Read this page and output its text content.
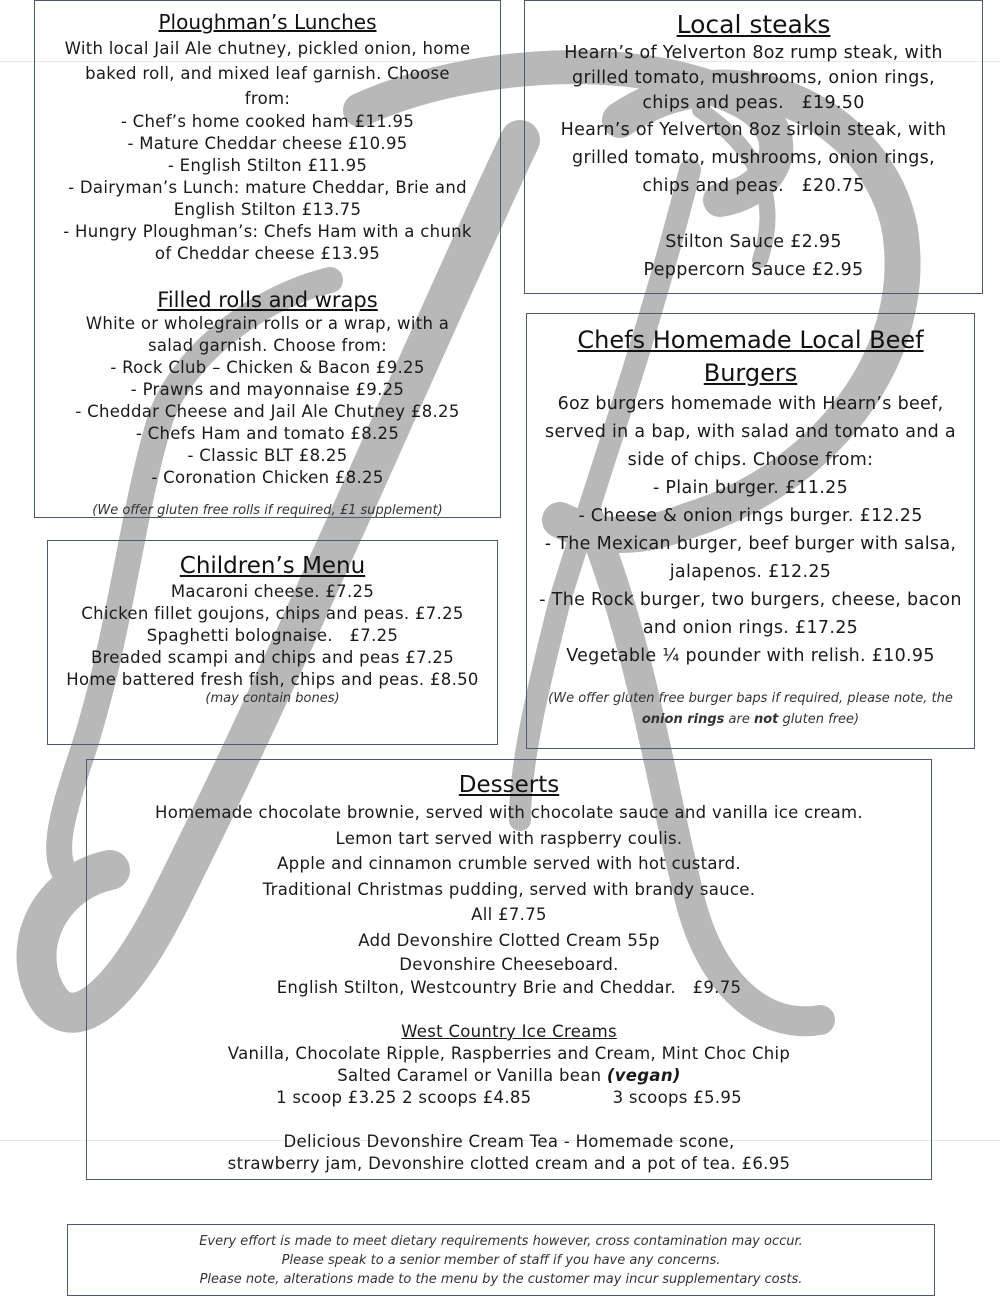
Ploughman’s Lunches
With local Jail Ale chutney, pickled onion, home baked roll, and mixed leaf garnish. Choose from:
- Chef’s home cooked ham £11.95
- Mature Cheddar cheese £10.95
- English Stilton £11.95
- Dairyman’s Lunch: mature Cheddar, Brie and English Stilton £13.75
- Hungry Ploughman’s: Chefs Ham with a chunk of Cheddar cheese £13.95
Filled rolls and wraps
White or wholegrain rolls or a wrap, with a salad garnish. Choose from:
- Rock Club – Chicken & Bacon £9.25
- Prawns and mayonnaise £9.25
- Cheddar Cheese and Jail Ale Chutney £8.25
- Chefs Ham and tomato £8.25
- Classic BLT £8.25
- Coronation Chicken £8.25
(We offer gluten free rolls if required, £1 supplement)
Local steaks
Hearn’s of Yelverton 8oz rump steak, with grilled tomato, mushrooms, onion rings, chips and peas. £19.50
Hearn’s of Yelverton 8oz sirloin steak, with grilled tomato, mushrooms, onion rings, chips and peas. £20.75
Stilton Sauce £2.95
Peppercorn Sauce £2.95
Chefs Homemade Local Beef Burgers
6oz burgers homemade with Hearn’s beef, served in a bap, with salad and tomato and a side of chips. Choose from:
- Plain burger. £11.25
- Cheese & onion rings burger. £12.25
- The Mexican burger, beef burger with salsa, jalapenos. £12.25
- The Rock burger, two burgers, cheese, bacon and onion rings. £17.25
Vegetable ¼ pounder with relish. £10.95
(We offer gluten free burger baps if required, please note, the onion rings are not gluten free)
Children’s Menu
Macaroni cheese. £7.25
Chicken fillet goujons, chips and peas. £7.25
Spaghetti bolognaise. £7.25
Breaded scampi and chips and peas £7.25
Home battered fresh fish, chips and peas. £8.50
(may contain bones)
Desserts
Homemade chocolate brownie, served with chocolate sauce and vanilla ice cream.
Lemon tart served with raspberry coulis.
Apple and cinnamon crumble served with hot custard.
Traditional Christmas pudding, served with brandy sauce.
All £7.75
Add Devonshire Clotted Cream 55p
Devonshire Cheeseboard.
English Stilton, Westcountry Brie and Cheddar. £9.75
West Country Ice Creams
Vanilla, Chocolate Ripple, Raspberries and Cream, Mint Choc Chip
Salted Caramel or Vanilla bean (vegan)
1 scoop £3.25 2 scoops £4.85	3 scoops £5.95
Delicious Devonshire Cream Tea - Homemade scone,
strawberry jam, Devonshire clotted cream and a pot of tea. £6.95
Every effort is made to meet dietary requirements however, cross contamination may occur.
Please speak to a senior member of staff if you have any concerns.
Please note, alterations made to the menu by the customer may incur supplementary costs.
